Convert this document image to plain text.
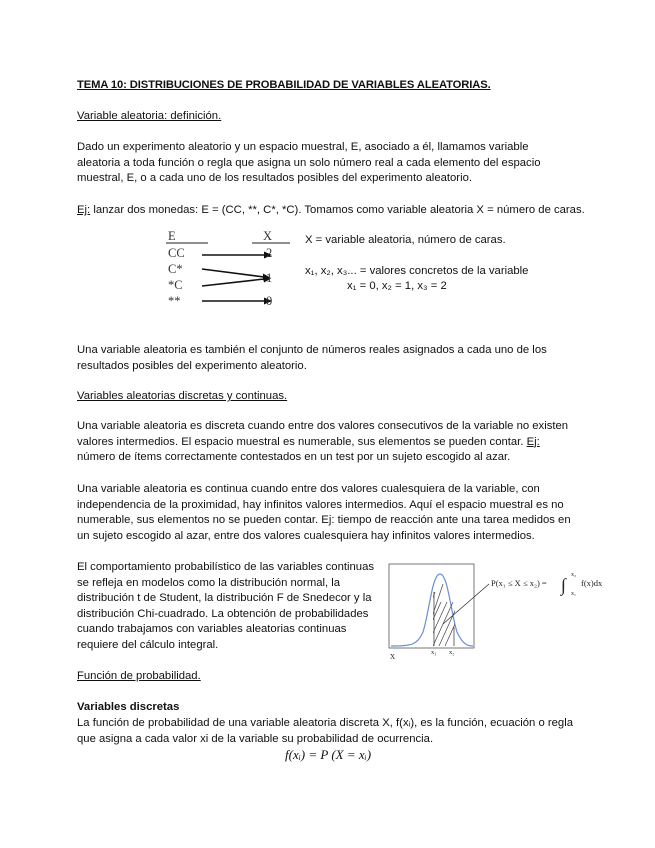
TEMA 10: DISTRIBUCIONES DE PROBABILIDAD DE VARIABLES ALEATORIAS.
Variable aleatoria: definición.
Dado un experimento aleatorio y un espacio muestral, E, asociado a él, llamamos variable aleatoria a toda función o regla que asigna un solo número real a cada elemento del espacio muestral, E, o a cada uno de los resultados posibles del experimento aleatorio.
Ej: lanzar dos monedas: E = (CC, **, C*, *C). Tomamos como variable aleatoria X = número de caras.
E	X
CC
C*
*C
**
2
1
0
X = variable aleatoria, número de caras.
x₁, x₂, x₃... = valores concretos de la variable
x₁ = 0, x₂ = 1, x₃ = 2
Una variable aleatoria es también el conjunto de números reales asignados a cada uno de los resultados posibles del experimento aleatorio.
Variables aleatorias discretas y continuas.
Una variable aleatoria es discreta cuando entre dos valores consecutivos de la variable no existen valores intermedios. El espacio muestral es numerable, sus elementos se pueden contar. Ej: número de ítems correctamente contestados en un test por un sujeto escogido al azar.
Una variable aleatoria es continua cuando entre dos valores cualesquiera de la variable, con independencia de la proximidad, hay infinitos valores intermedios. Aquí el espacio muestral es no numerable, sus elementos no se pueden contar. Ej: tiempo de reacción ante una tarea medidos en un sujeto escogido al azar, entre dos valores cualesquiera hay infinitos valores intermedios.
El comportamiento probabilístico de las variables continuas se refleja en modelos como la distribución normal, la distribución t de Student, la distribución F de Snedecor y la distribución Chi-cuadrado. La obtención de probabilidades cuando trabajamos con variables aleatorias continuas requiere del cálculo integral.
P(x₁ ≤ X ≤ x₂) = ∫ x₂
x₁
f(x)dx
x₁ x₂
X
Función de probabilidad.
Variables discretas
La función de probabilidad de una variable aleatoria discreta X, f(xᵢ), es la función, ecuación o regla que asigna a cada valor xi de la variable su probabilidad de ocurrencia.
f(xᵢ) = P (X = xᵢ)
